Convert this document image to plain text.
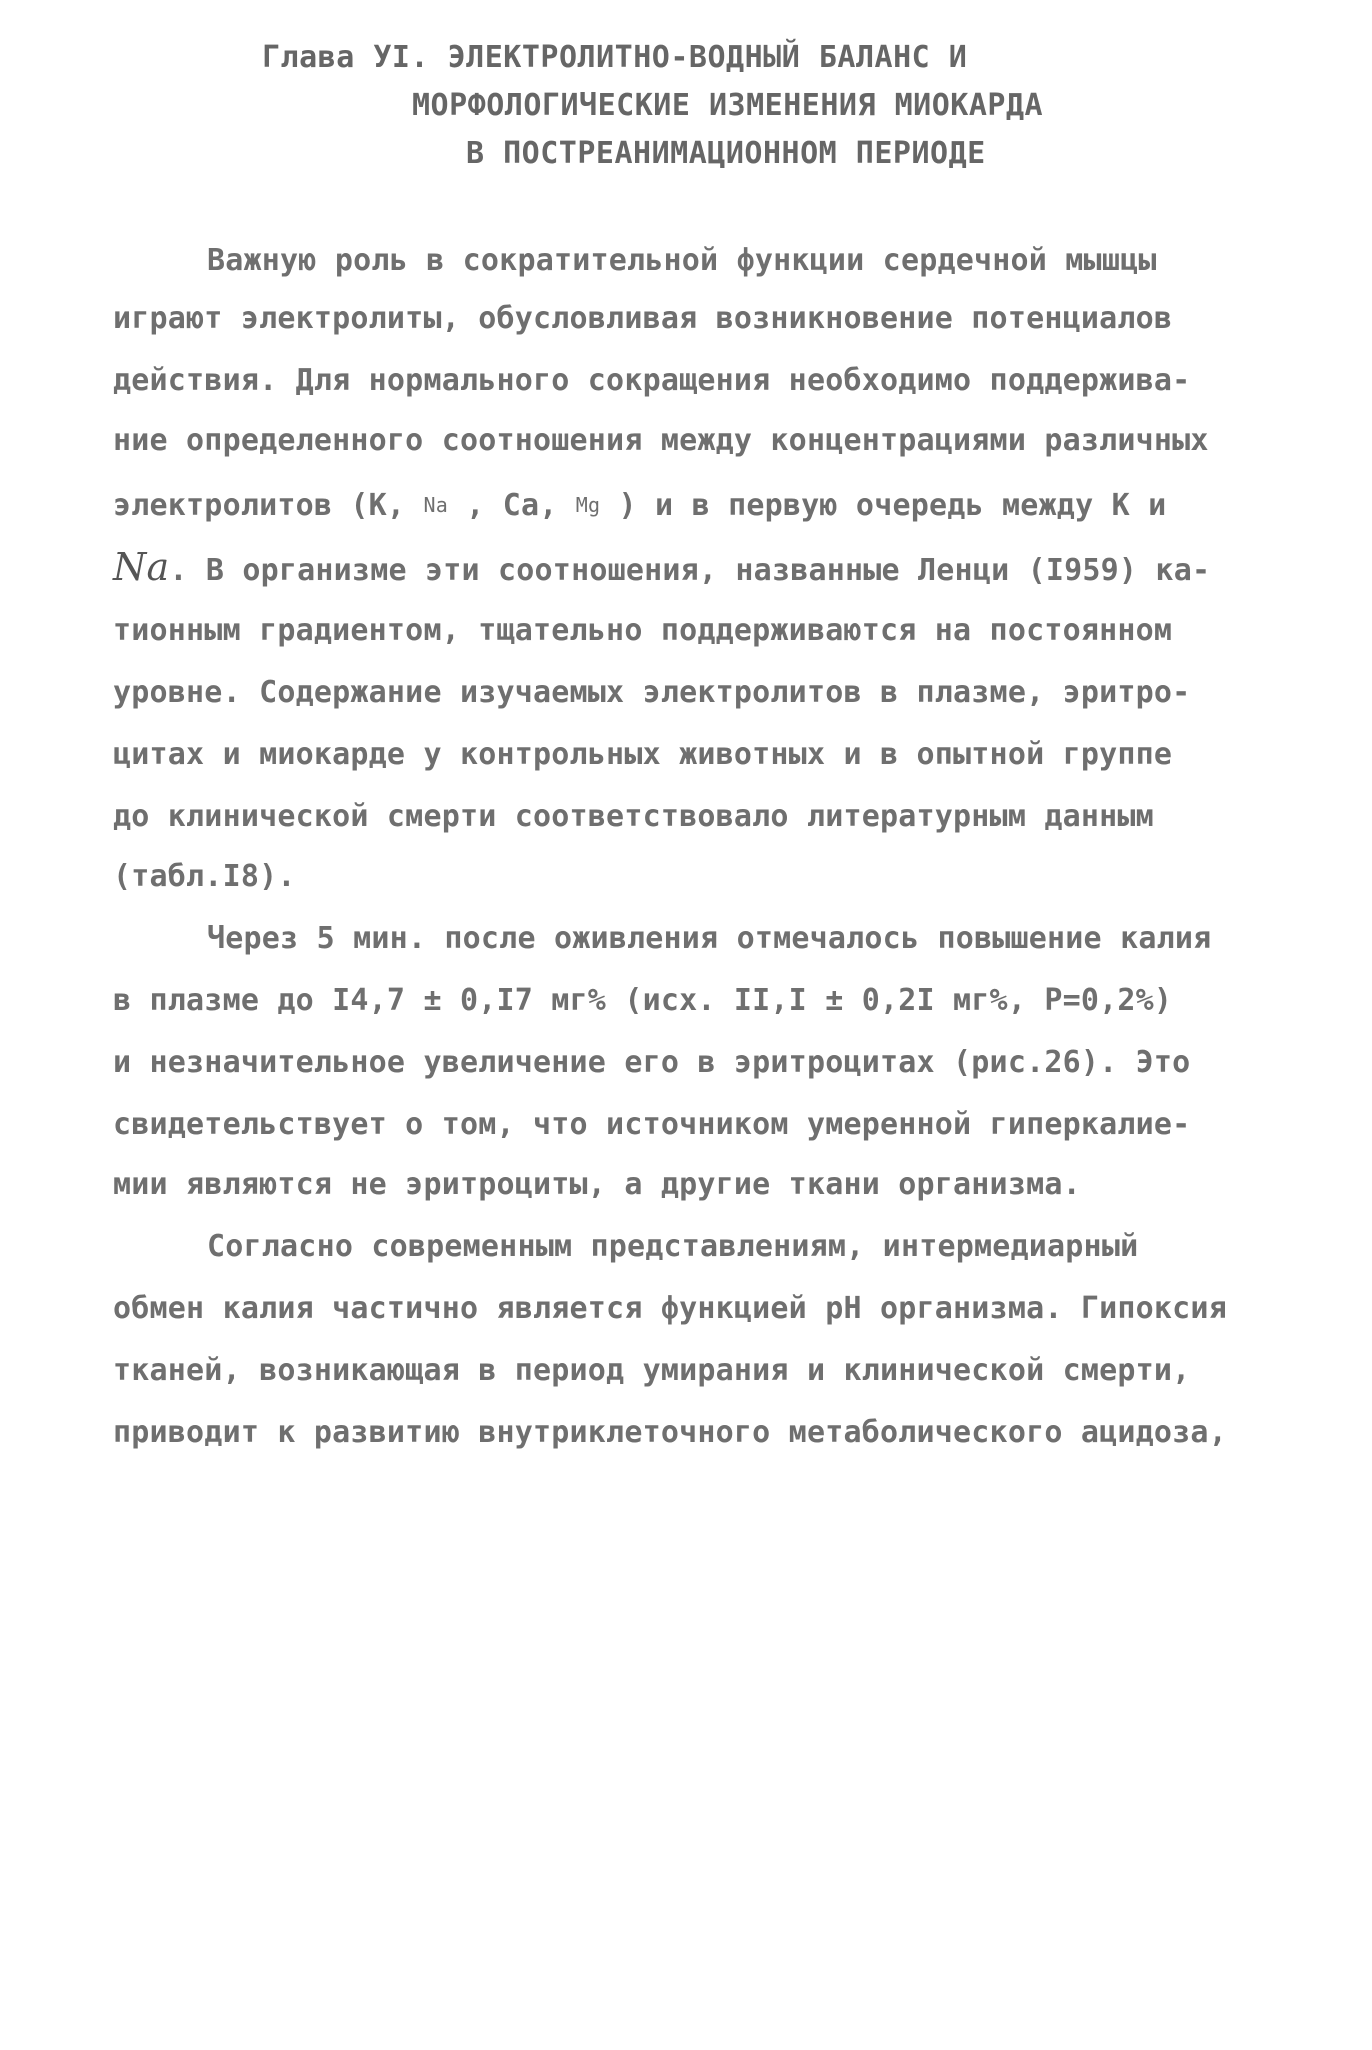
Глава УI. ЭЛЕКТРОЛИТНО-ВОДНЫЙ БАЛАНС И
МОРФОЛОГИЧЕСКИЕ ИЗМЕНЕНИЯ МИОКАРДА
В ПОСТРЕАНИМАЦИОННОМ ПЕРИОДЕ
Важную роль в сократительной функции сердечной мышцы
играют электролиты, обусловливая возникновение потенциалов
действия. Для нормального сокращения необходимо поддержива-
ние определенного соотношения между концентрациями различных
электролитов (К, Na , Ca, Mg ) и в первую очередь между К и
Na. В организме эти соотношения, названные Ленци (I959) ка-
тионным градиентом, тщательно поддерживаются на постоянном
уровне. Содержание изучаемых электролитов в плазме, эритро-
цитах и миокарде у контрольных животных и в опытной группе
до клинической смерти соответствовало литературным данным
(табл.I8).
Через 5 мин. после оживления отмечалось повышение калия
в плазме до I4,7 ± 0,I7 мг% (исх. II,I ± 0,2I мг%, P=0,2%)
и незначительное увеличение его в эритроцитах (рис.26). Это
свидетельствует о том, что источником умеренной гиперкалие-
мии являются не эритроциты, а другие ткани организма.
Согласно современным представлениям, интермедиарный
обмен калия частично является функцией pH организма. Гипоксия
тканей, возникающая в период умирания и клинической смерти,
приводит к развитию внутриклеточного метаболического ацидоза,
